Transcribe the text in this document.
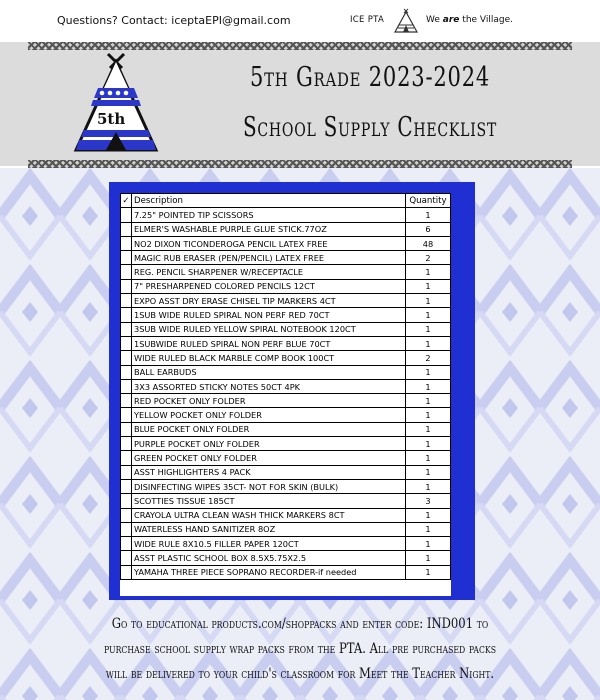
Questions? Contact: iceptaEPI@gmail.com	ICE PTA	We are the Village.
5th
5th Grade 2023-2024
School Supply Checklist
✓	Description	Quantity
	7.25" POINTED TIP SCISSORS	1
	ELMER'S WASHABLE PURPLE GLUE STICK.77OZ	6
	NO2 DIXON TICONDEROGA PENCIL LATEX FREE	48
	MAGIC RUB ERASER (PEN/PENCIL) LATEX FREE	2
	REG. PENCIL SHARPENER W/RECEPTACLE	1
	7" PRESHARPENED COLORED PENCILS 12CT	1
	EXPO ASST DRY ERASE CHISEL TIP MARKERS 4CT	1
	1SUB WIDE RULED SPIRAL NON PERF RED 70CT	1
	3SUB WIDE RULED YELLOW SPIRAL NOTEBOOK 120CT	1
	1SUBWIDE RULED SPIRAL NON PERF BLUE 70CT	1
	WIDE RULED BLACK MARBLE COMP BOOK 100CT	2
	BALL EARBUDS	1
	3X3 ASSORTED STICKY NOTES 50CT 4PK	1
	RED POCKET ONLY FOLDER	1
	YELLOW POCKET ONLY FOLDER	1
	BLUE POCKET ONLY FOLDER	1
	PURPLE POCKET ONLY FOLDER	1
	GREEN POCKET ONLY FOLDER	1
	ASST HIGHLIGHTERS 4 PACK	1
	DISINFECTING WIPES 35CT- NOT FOR SKIN (BULK)	1
	SCOTTIES TISSUE 185CT	3
	CRAYOLA ULTRA CLEAN WASH THICK MARKERS 8CT	1
	WATERLESS HAND SANITIZER 8OZ	1
	WIDE RULE 8X10.5 FILLER PAPER 120CT	1
	ASST PLASTIC SCHOOL BOX 8.5X5.75X2.5	1
	YAMAHA THREE PIECE SOPRANO RECORDER-if needed	1
Go to educational products.com/shoppacks and enter code: IND001 to
purchase school supply wrap packs from the PTA. All pre purchased packs
will be delivered to your child's classroom for Meet the Teacher Night.
